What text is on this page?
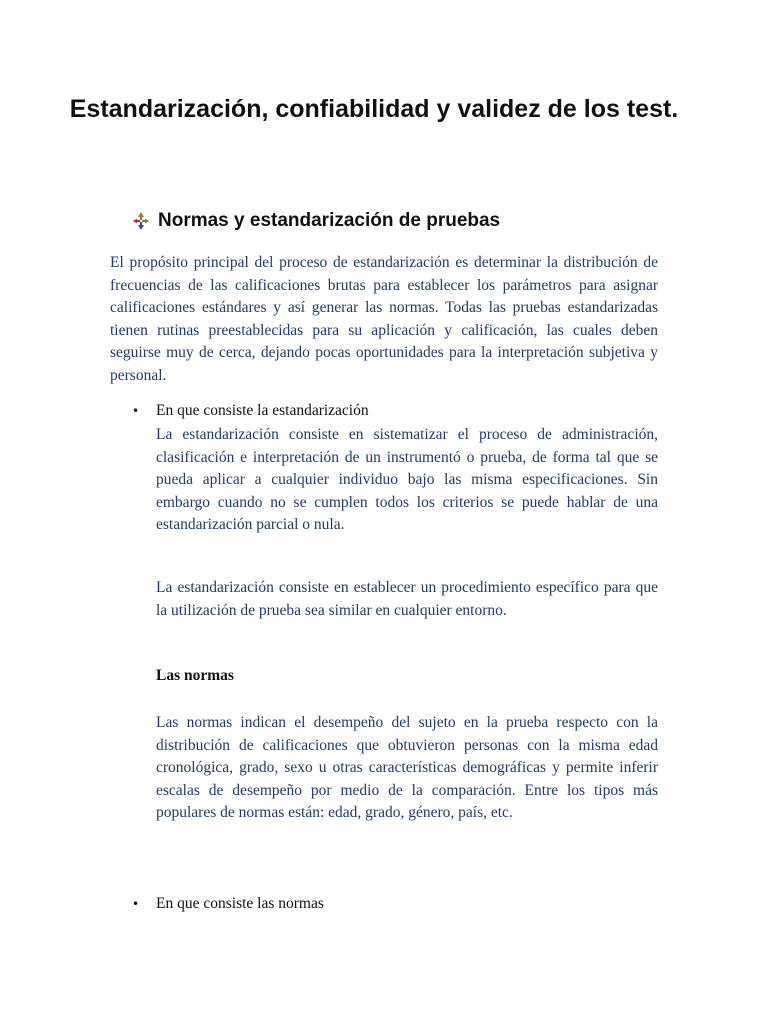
Estandarización, confiabilidad y validez de los test.
Normas y estandarización de pruebas

El propósito principal del proceso de estandarización es determinar la distribución de frecuencias de las calificaciones brutas para establecer los parámetros para asignar calificaciones estándares y así generar las normas. Todas las pruebas estandarizadas tienen rutinas preestablecidas para su aplicación y calificación, las cuales deben seguirse muy de cerca, dejando pocas oportunidades para la interpretación subjetiva y personal.

•	En que consiste la estandarización

La estandarización consiste en sistematizar el proceso de administración, clasificación e interpretación de un instrumentó o prueba, de forma tal que se pueda aplicar a cualquier individuo bajo las misma especificaciones. Sin embargo cuando no se cumplen todos los criterios se puede hablar de una estandarización parcial o nula.

La estandarización consiste en establecer un procedimiento específico para que la utilización de prueba sea similar en cualquier entorno.

Las normas

Las normas indican el desempeño del sujeto en la prueba respecto con la distribución de calificaciones que obtuvieron personas con la misma edad cronológica, grado, sexo u otras características demográficas y permite inferir escalas de desempeño por medio de la comparación. Entre los tipos más populares de normas están: edad, grado, género, país, etc.

•	En que consiste las normas
